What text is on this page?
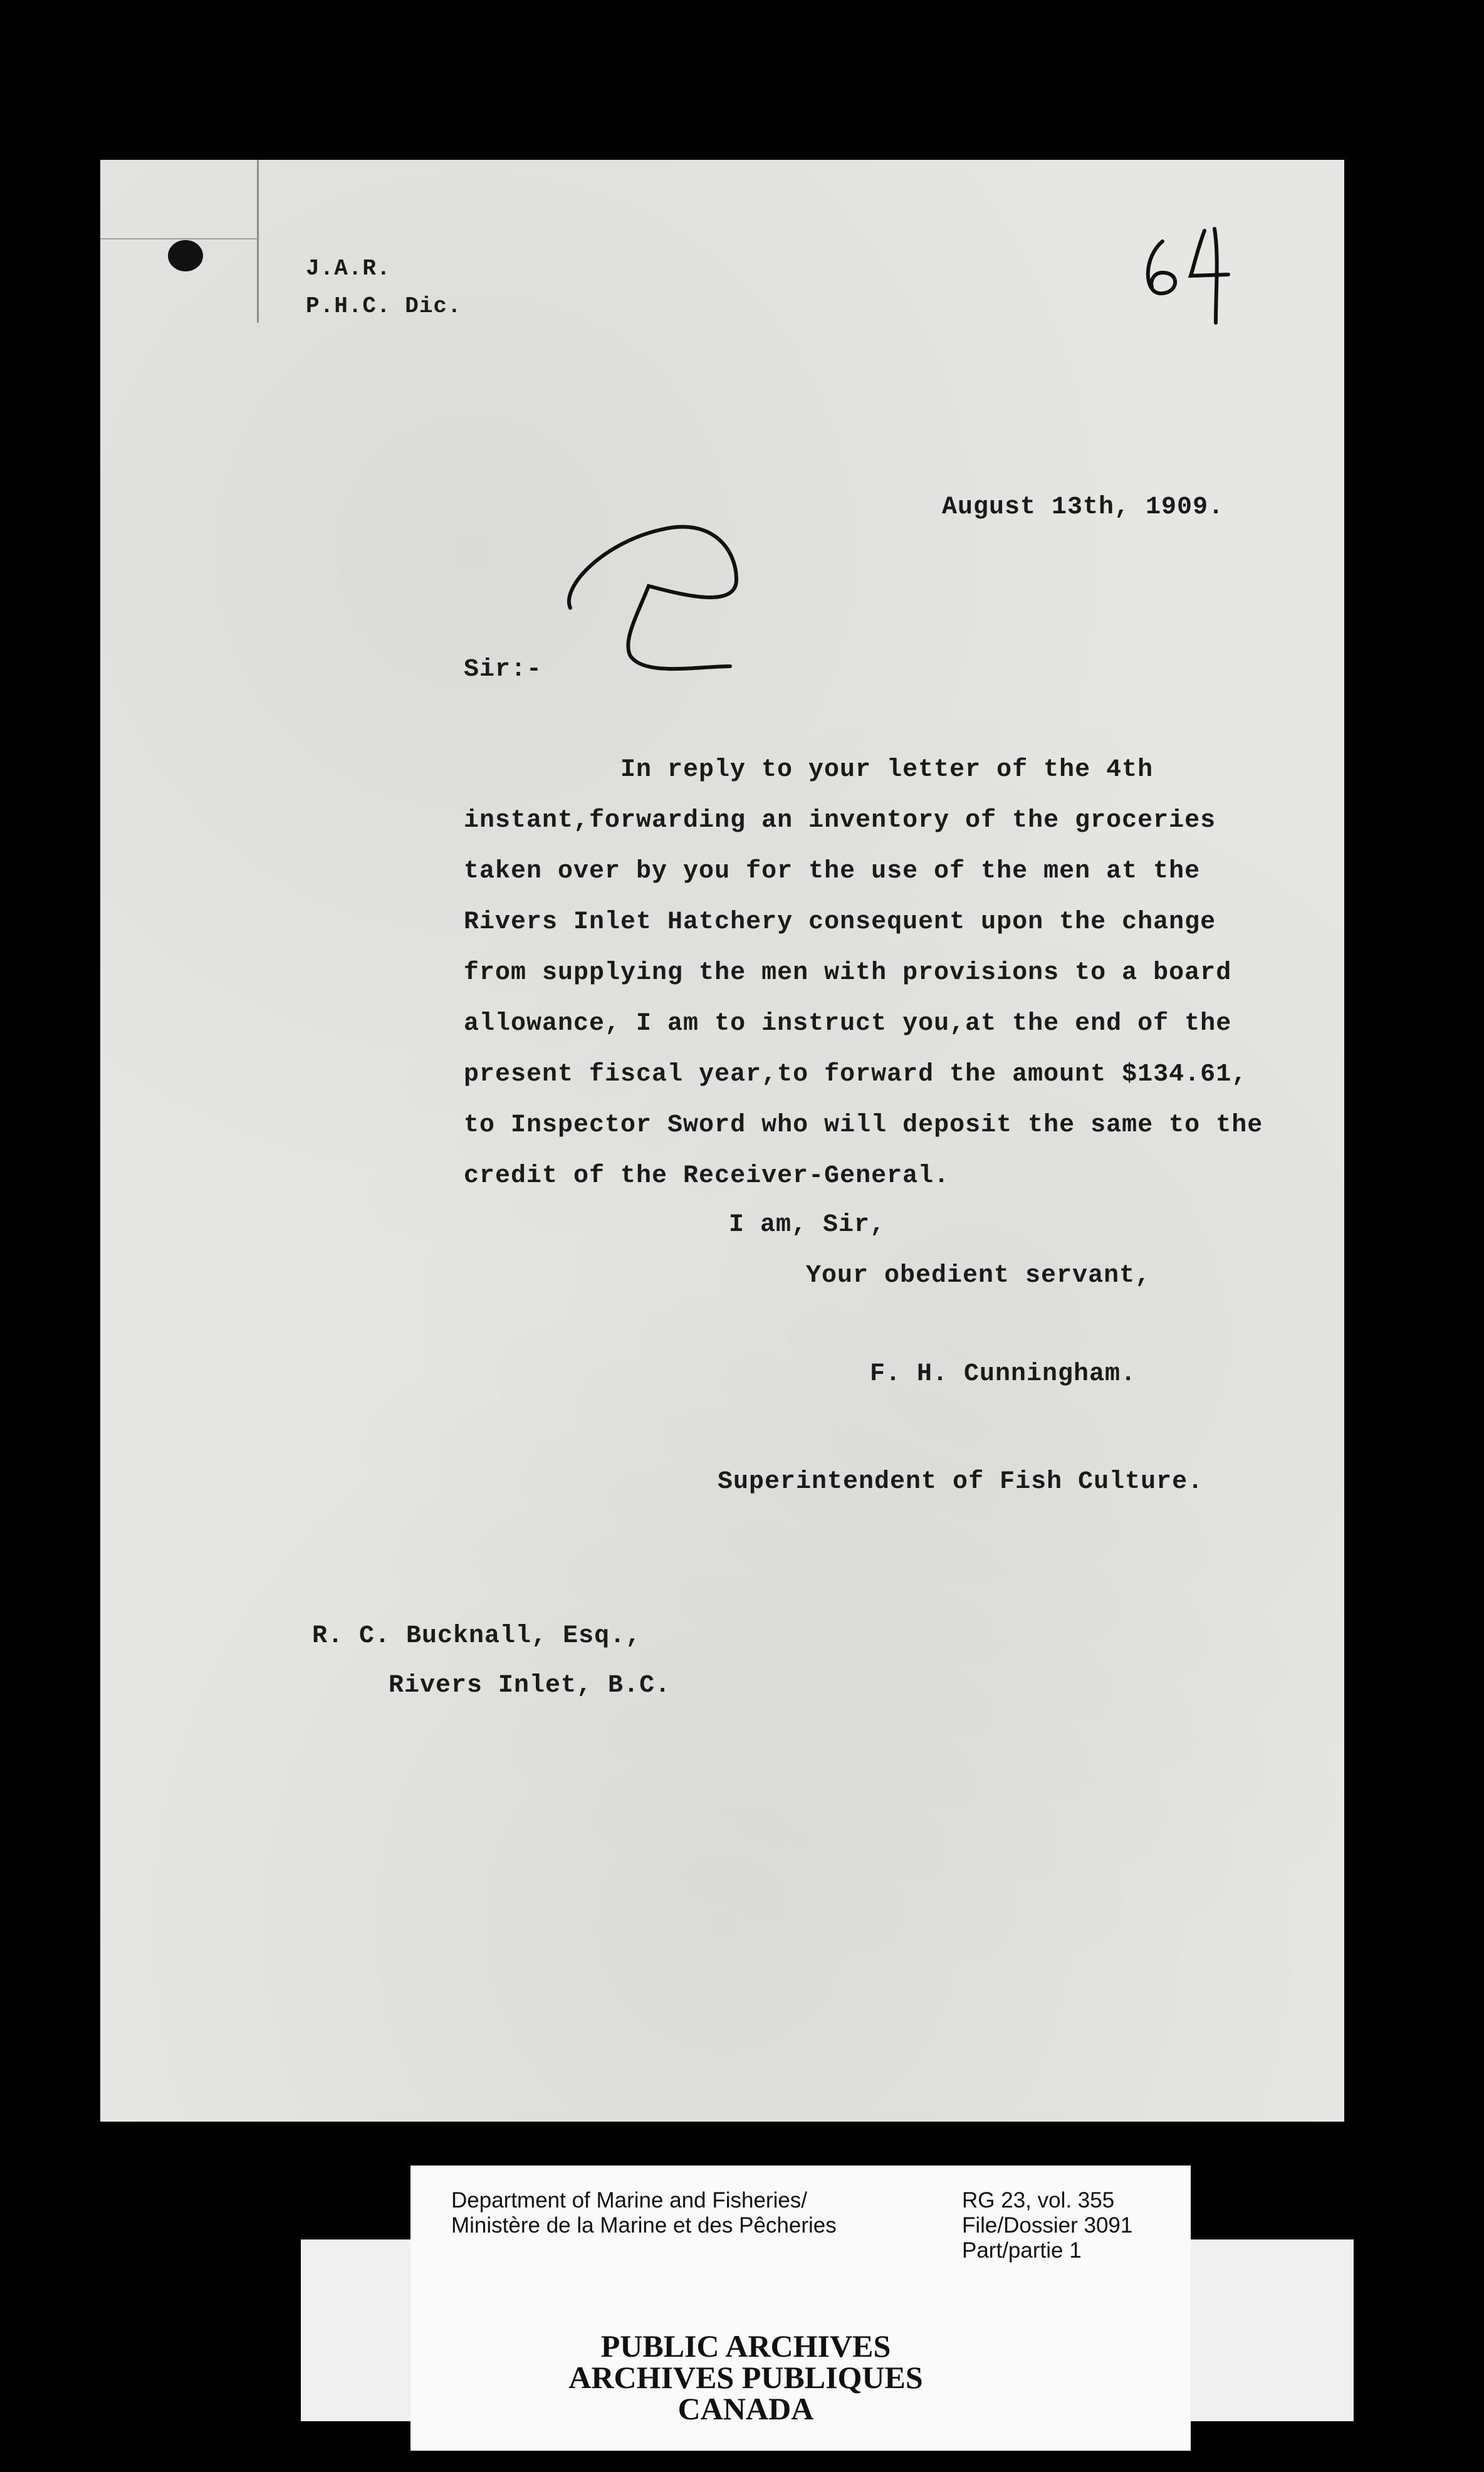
J.A.R.
P.H.C. Dic.
64
August 13th, 1909.
Sir:-
In reply to your letter of the 4th
instant,forwarding an inventory of the groceries
taken over by you for the use of the men at the
Rivers Inlet Hatchery consequent upon the change
from supplying the men with provisions to a board
allowance, I am to instruct you,at the end of the
present fiscal year,to forward the amount $134.61,
to Inspector Sword who will deposit the same to the
credit of the Receiver-General.
I am, Sir,
Your obedient servant,
F. H. Cunningham.
Superintendent of Fish Culture.
R. C. Bucknall, Esq.,
Rivers Inlet, B.C.
Department of Marine and Fisheries/
Ministère de la Marine et des Pêcheries
RG 23, vol. 355
File/Dossier 3091
Part/partie 1
PUBLIC ARCHIVES
ARCHIVES PUBLIQUES
CANADA
